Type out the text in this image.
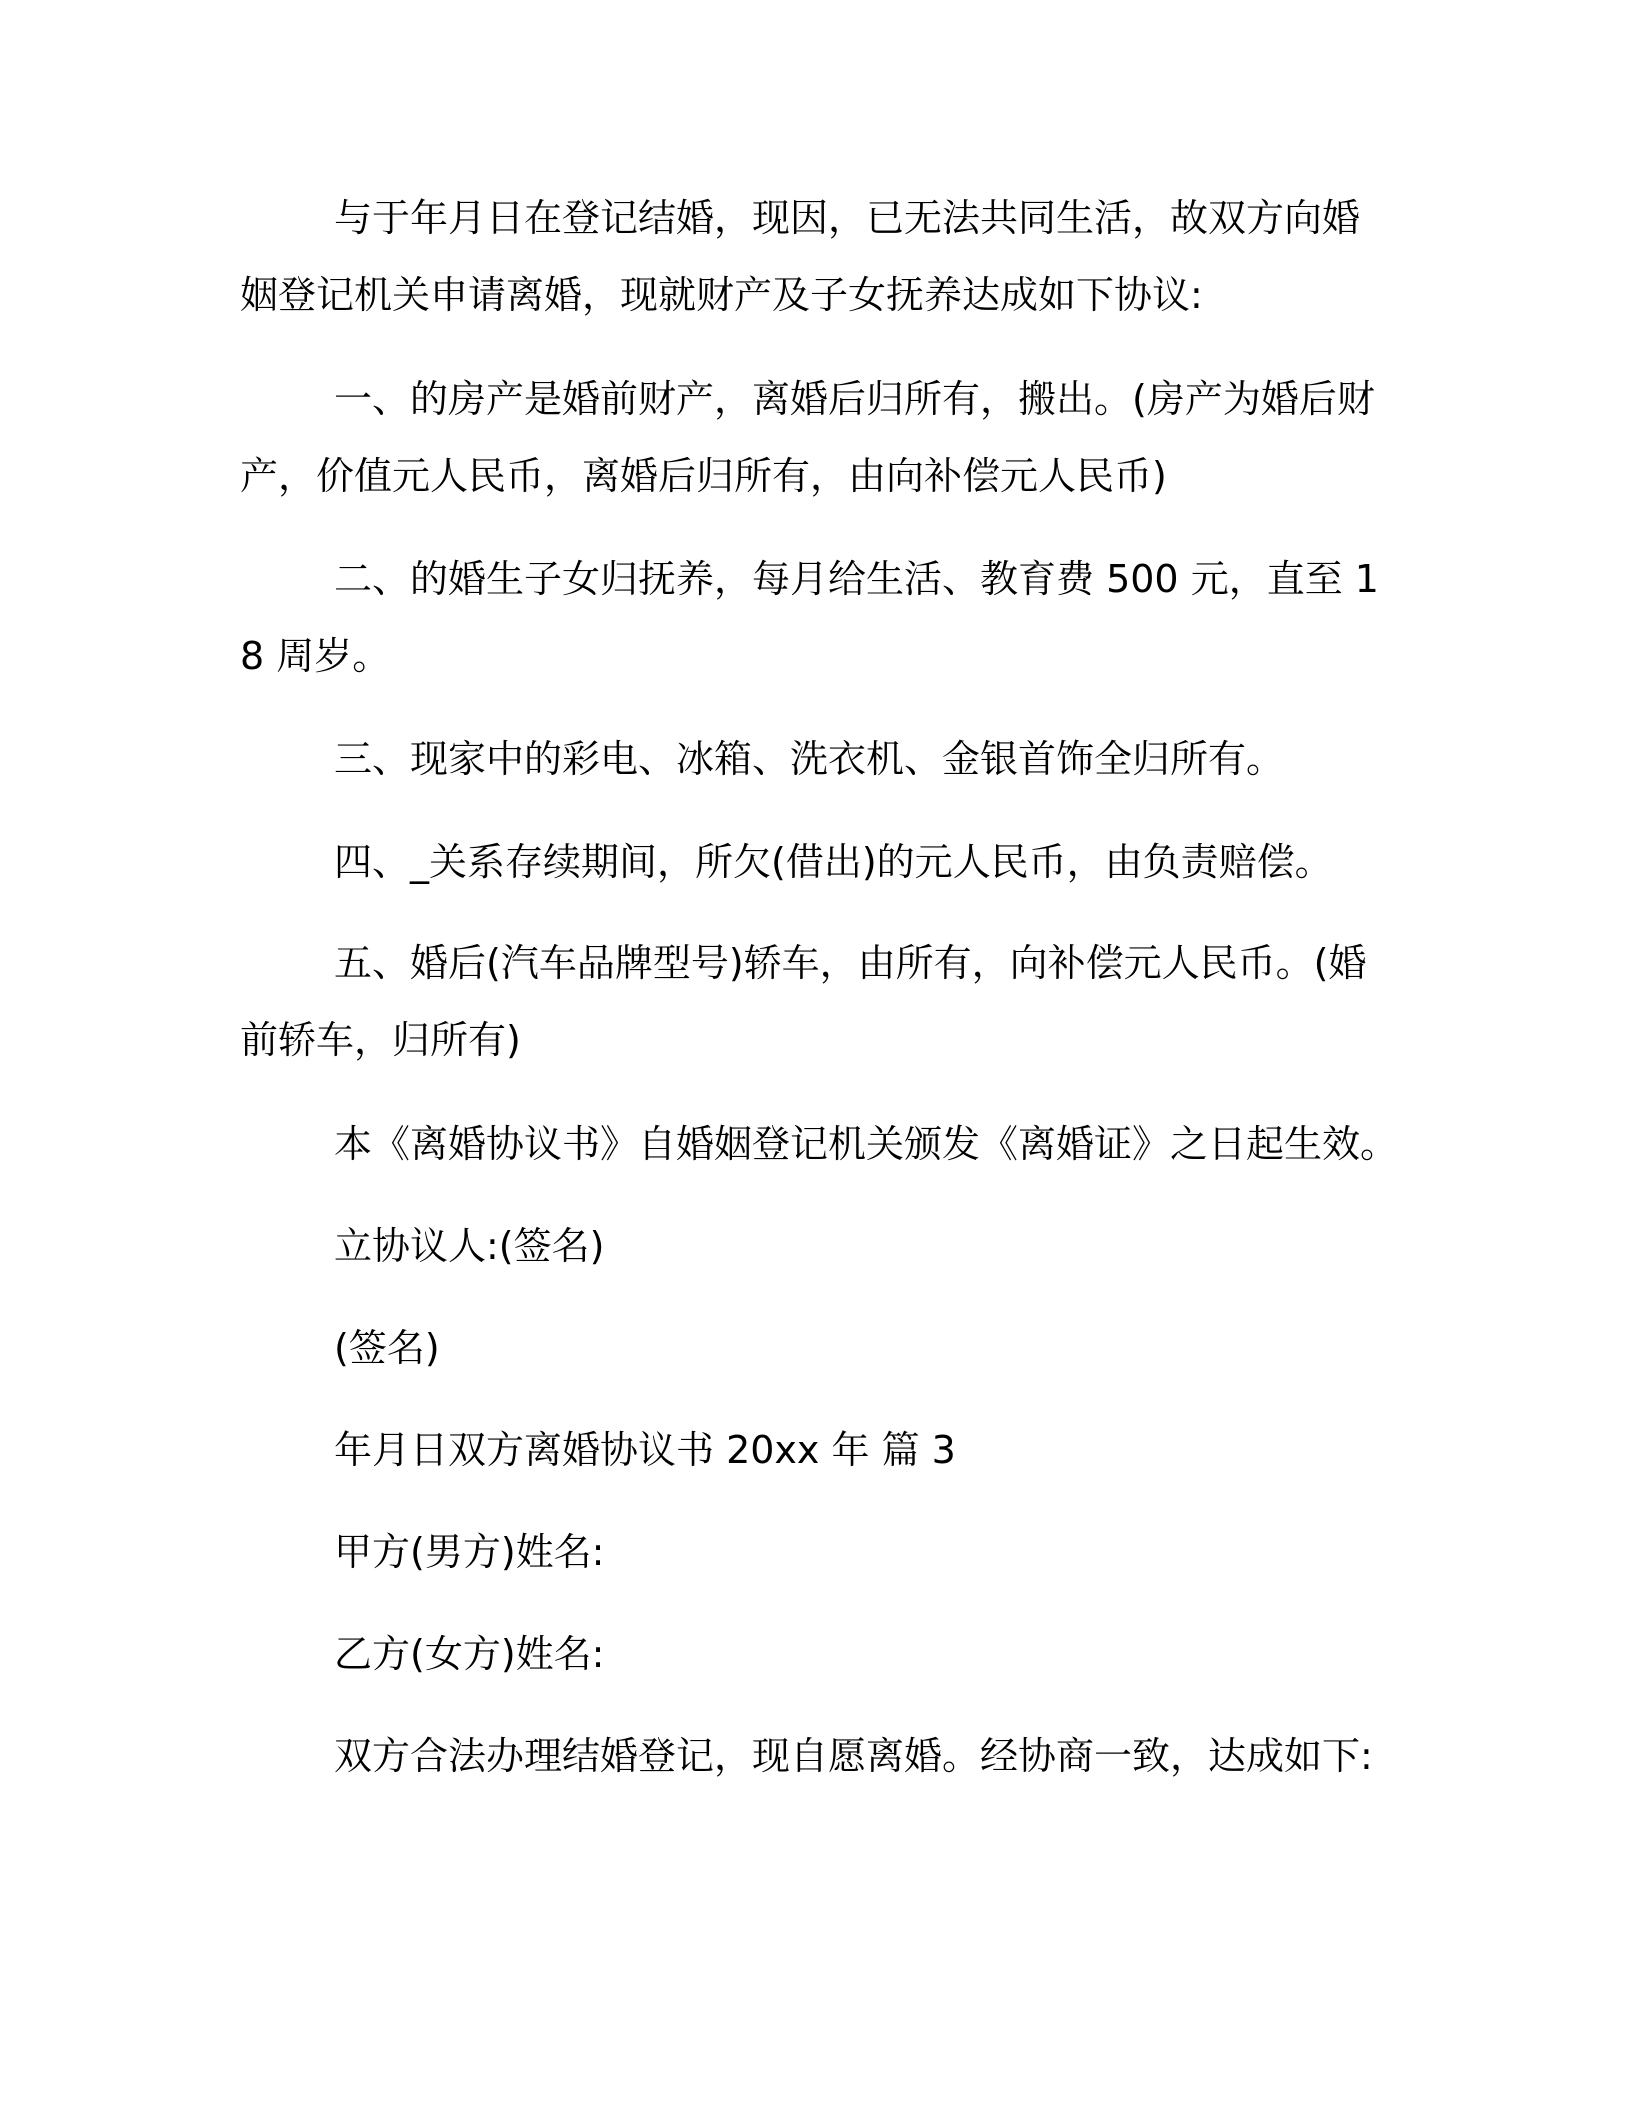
与于年月日在登记结婚，现因，已无法共同生活，故双方向婚姻登记机关申请离婚，现就财产及子女抚养达成如下协议:

一、的房产是婚前财产，离婚后归所有，搬出。(房产为婚后财产，价值元人民币，离婚后归所有，由向补偿元人民币)

二、的婚生子女归抚养，每月给生活、教育费 500 元，直至 18 周岁。

三、现家中的彩电、冰箱、洗衣机、金银首饰全归所有。

四、_关系存续期间，所欠(借出)的元人民币，由负责赔偿。

五、婚后(汽车品牌型号)轿车，由所有，向补偿元人民币。(婚前轿车，归所有)

本《离婚协议书》自婚姻登记机关颁发《离婚证》之日起生效。

立协议人:(签名)

(签名)

年月日双方离婚协议书 20xx 年 篇 3

甲方(男方)姓名:

乙方(女方)姓名:

双方合法办理结婚登记，现自愿离婚。经协商一致，达成如下:
